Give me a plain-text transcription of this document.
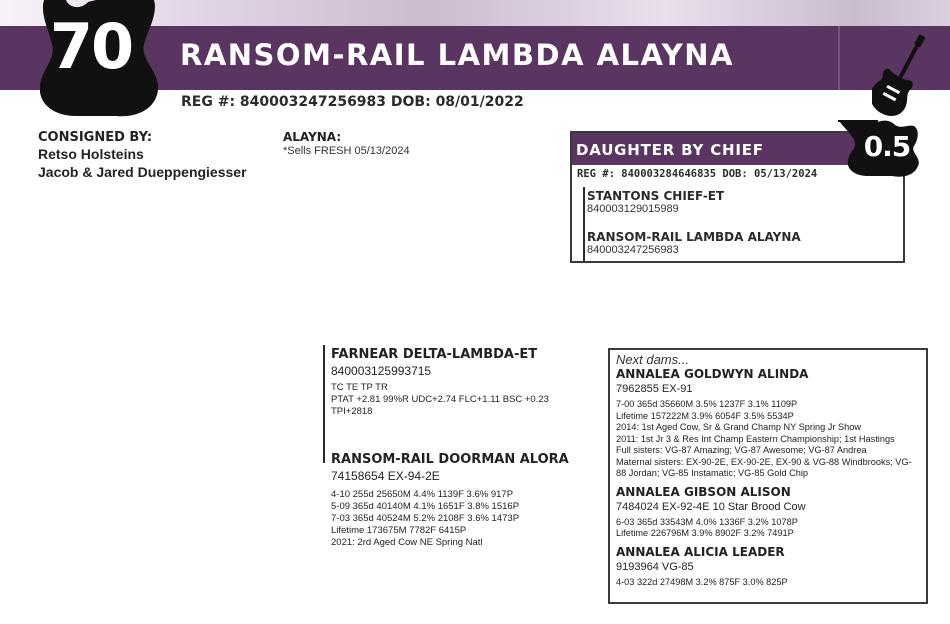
70 RANSOM-RAIL LAMBDA ALAYNA
REG #: 840003247256983 DOB: 08/01/2022
CONSIGNED BY:
Retso Holsteins
Jacob & Jared Dueppengiesser
ALAYNA:
*Sells FRESH 05/13/2024	DAUGHTER BY CHIEF
REG #: 840003284646835 DOB: 05/13/2024
STANTONS CHIEF-ET
840003129015989
RANSOM-RAIL LAMBDA ALAYNA
840003247256983
0.5
FARNEAR DELTA-LAMBDA-ET
840003125993715
TC TE TP TR
PTAT +2.81 99%R UDC+2.74 FLC+1.11 BSC +0.23
TPI+2818
RANSOM-RAIL DOORMAN ALORA
74158654 EX-94-2E
4-10 255d 25650M 4.4% 1139F 3.6% 917P
5-09 365d 40140M 4.1% 1651F 3.8% 1516P
7-03 365d 40524M 5.2% 2108F 3.6% 1473P
Lifetime 173675M 7782F 6415P
2021: 2rd Aged Cow NE Spring Natl
Next dams...
ANNALEA GOLDWYN ALINDA
7962855 EX-91
7-00 365d 35660M 3.5% 1237F 3.1% 1109P
Lifetime 157222M 3.9% 6054F 3.5% 5534P
2014: 1st Aged Cow, Sr & Grand Champ NY Spring Jr Show
2011: 1st Jr 3 & Res Int Champ Eastern Championship; 1st Hastings
Full sisters: VG-87 Amazing; VG-87 Awesome; VG-87 Andrea
Maternal sisters: EX-90-2E, EX-90-2E, EX-90 & VG-88 Windbrooks; VG-88 Jordan; VG-85 Instamatic; VG-85 Gold Chip
ANNALEA GIBSON ALISON
7484024 EX-92-4E 10 Star Brood Cow
6-03 365d 33543M 4.0% 1336F 3.2% 1078P
Lifetime 226796M 3.9% 8902F 3.2% 7491P
ANNALEA ALICIA LEADER
9193964 VG-85
4-03 322d 27498M 3.2% 875F 3.0% 825P
